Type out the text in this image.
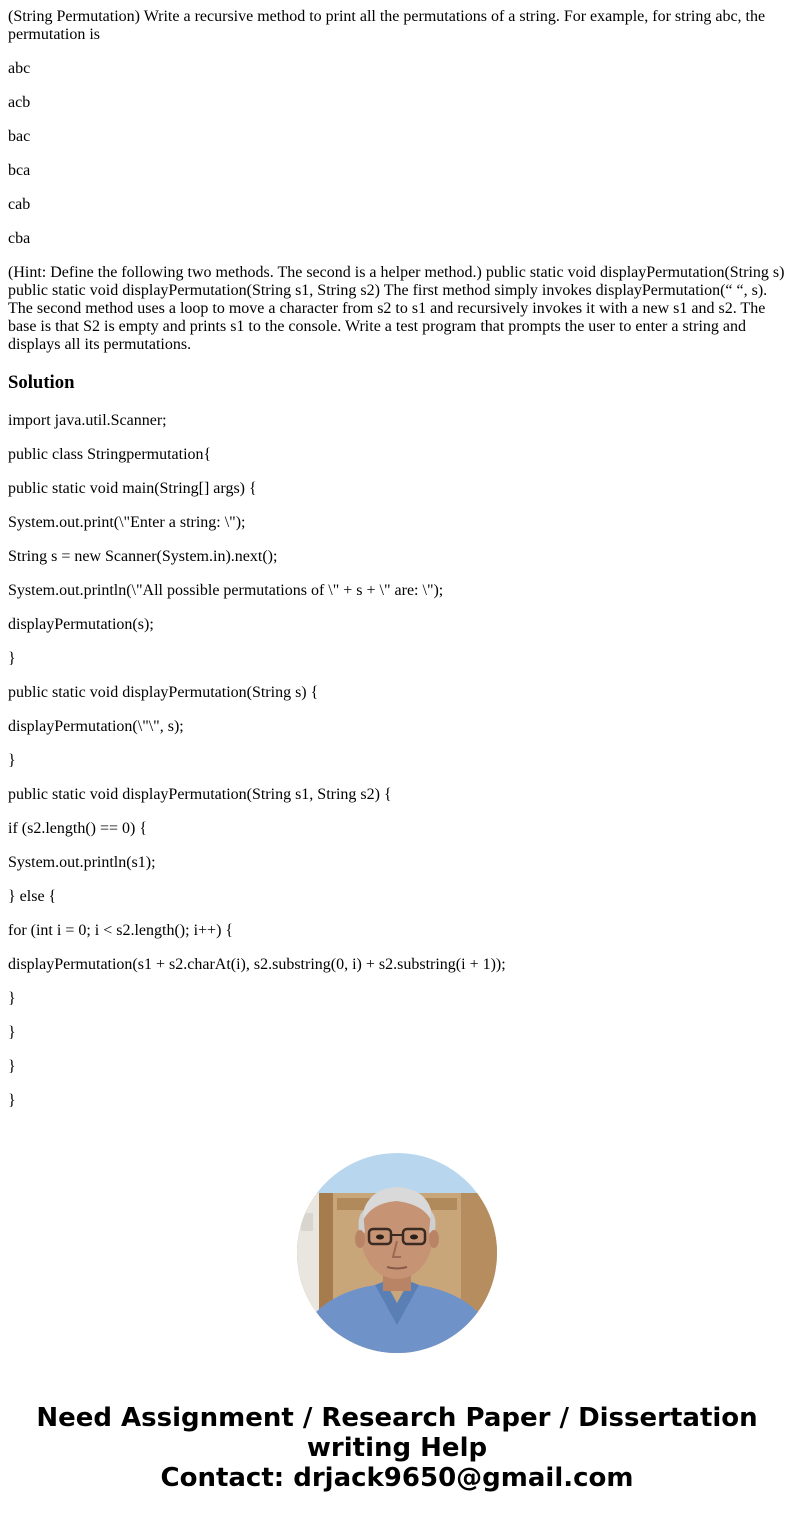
(String Permutation) Write a recursive method to print all the permutations of a string. For example, for string abc, the permutation is

abc

acb

bac

bca

cab

cba

(Hint: Define the following two methods. The second is a helper method.) public static void displayPermutation(String s) public static void displayPermutation(String s1, String s2) The first method simply invokes displayPermutation(“ “, s). The second method uses a loop to move a character from s2 to s1 and recursively invokes it with a new s1 and s2. The base is that S2 is empty and prints s1 to the console. Write a test program that prompts the user to enter a string and displays all its permutations.

Solution

import java.util.Scanner;

public class Stringpermutation{

public static void main(String[] args) {

System.out.print(\"Enter a string: \");

String s = new Scanner(System.in).next();

System.out.println(\"All possible permutations of \" + s + \" are: \");

displayPermutation(s);

}

public static void displayPermutation(String s) {

displayPermutation(\"\", s);

}

public static void displayPermutation(String s1, String s2) {

if (s2.length() == 0) {

System.out.println(s1);

} else {

for (int i = 0; i < s2.length(); i++) {

displayPermutation(s1 + s2.charAt(i), s2.substring(0, i) + s2.substring(i + 1));

}

}

}

}

Need Assignment / Research Paper / Dissertation
writing Help
Contact: drjack9650@gmail.com
